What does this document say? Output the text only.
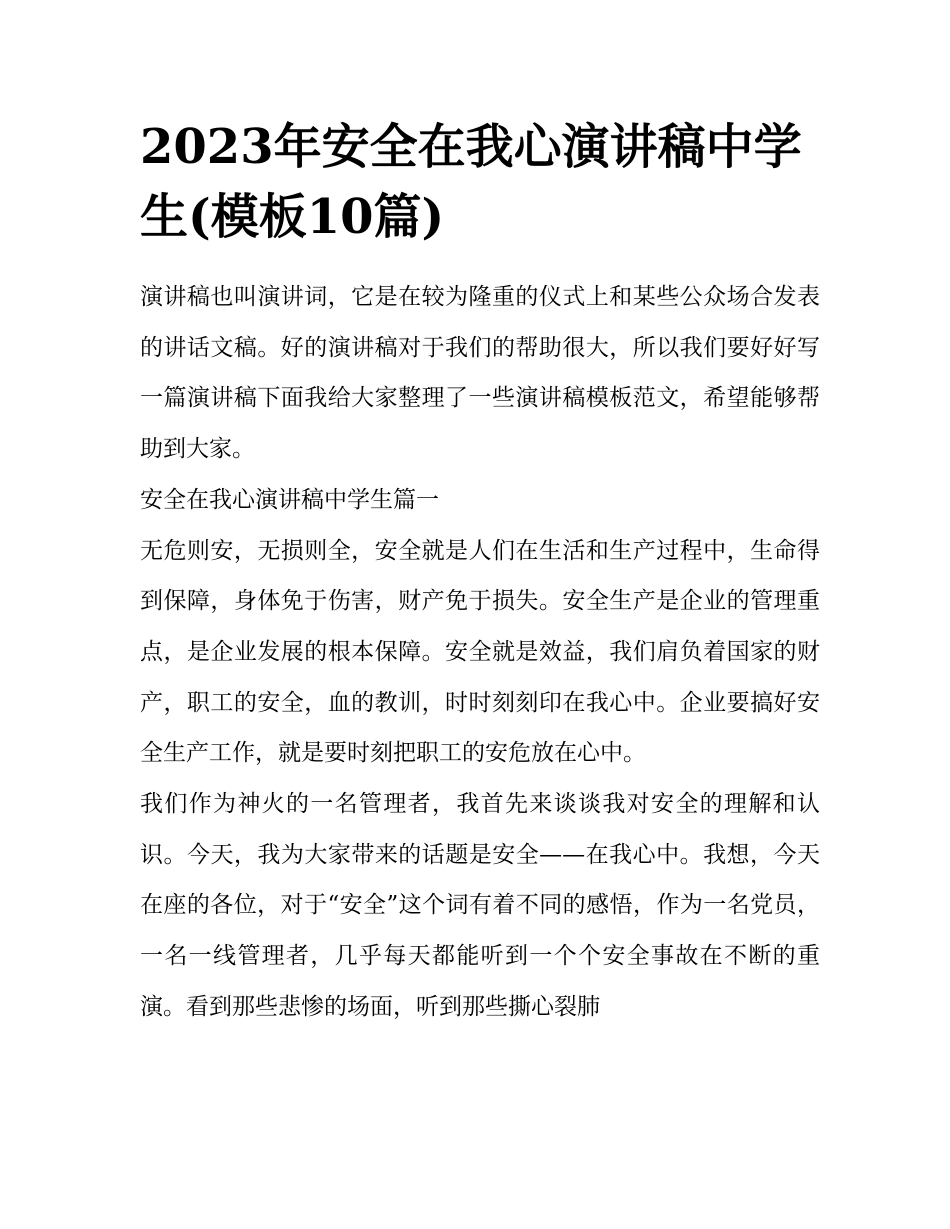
2023年安全在我心演讲稿中学生(模板10篇)

演讲稿也叫演讲词，它是在较为隆重的仪式上和某些公众场合发表的讲话文稿。好的演讲稿对于我们的帮助很大，所以我们要好好写一篇演讲稿下面我给大家整理了一些演讲稿模板范文，希望能够帮助到大家。

安全在我心演讲稿中学生篇一

无危则安，无损则全，安全就是人们在生活和生产过程中，生命得到保障，身体免于伤害，财产免于损失。安全生产是企业的管理重点，是企业发展的根本保障。安全就是效益，我们肩负着国家的财产，职工的安全，血的教训，时时刻刻印在我心中。企业要搞好安全生产工作，就是要时刻把职工的安危放在心中。

我们作为神火的一名管理者，我首先来谈谈我对安全的理解和认识。今天，我为大家带来的话题是安全——在我心中。我想，今天在座的各位，对于“安全”这个词有着不同的感悟，作为一名党员，一名一线管理者，几乎每天都能听到一个个安全事故在不断的重演。看到那些悲惨的场面，听到那些撕心裂肺
